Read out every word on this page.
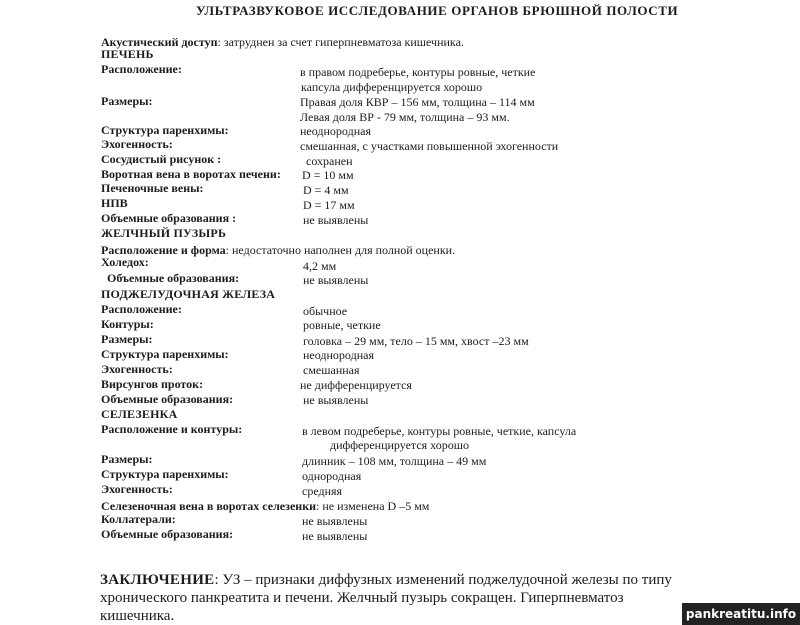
УЛЬТРАЗВУКОВОЕ ИССЛЕДОВАНИЕ ОРГАНОВ БРЮШНОЙ ПОЛОСТИ
Акустический доступ: затруднен за счет гиперпневматоза кишечника.
ПЕЧЕНЬ
Расположение:	в правом подреберье, контуры ровные, четкие
капсула дифференцируется хорошо
Размеры:	Правая доля КВР – 156 мм, толщина – 114 мм
Левая доля ВР - 79 мм, толщина – 93 мм.
Структура паренхимы:	неоднородная
Эхогенность:	смешанная, с участками повышенной эхогенности
Сосудистый рисунок :	сохранен
Воротная вена в воротах печени: D = 10 мм
Печеночные вены:	D = 4 мм
НПВ	D = 17 мм
Объемные образования :	не выявлены
ЖЕЛЧНЫЙ ПУЗЫРЬ
Расположение и форма: недостаточно наполнен для полной оценки.
Холедох:	4,2 мм
Объемные образования:	не выявлены
ПОДЖЕЛУДОЧНАЯ ЖЕЛЕЗА
Расположение:	обычное
Контуры:	ровные, четкие
Размеры:	головка – 29 мм, тело – 15 мм, хвост –23 мм
Структура паренхимы:	неоднородная
Эхогенность:	смешанная
Вирсунгов проток:	не дифференцируется
Объемные образования:	не выявлены
СЕЛЕЗЕНКА
Расположение и контуры:	в левом подреберье, контуры ровные, четкие, капсула
дифференцируется хорошо
Размеры:	длинник – 108 мм, толщина – 49 мм
Структура паренхимы:	однородная
Эхогенность:	средняя
Селезеночная вена в воротах селезенки: не изменена D –5 мм
Коллатерали:	не выявлены
Объемные образования:	не выявлены
ЗАКЛЮЧЕНИЕ: УЗ – признаки диффузных изменений поджелудочной железы по типу
хронического панкреатита и печени. Желчный пузырь сокращен. Гиперпневматоз
кишечника.	pankreatitu.info
